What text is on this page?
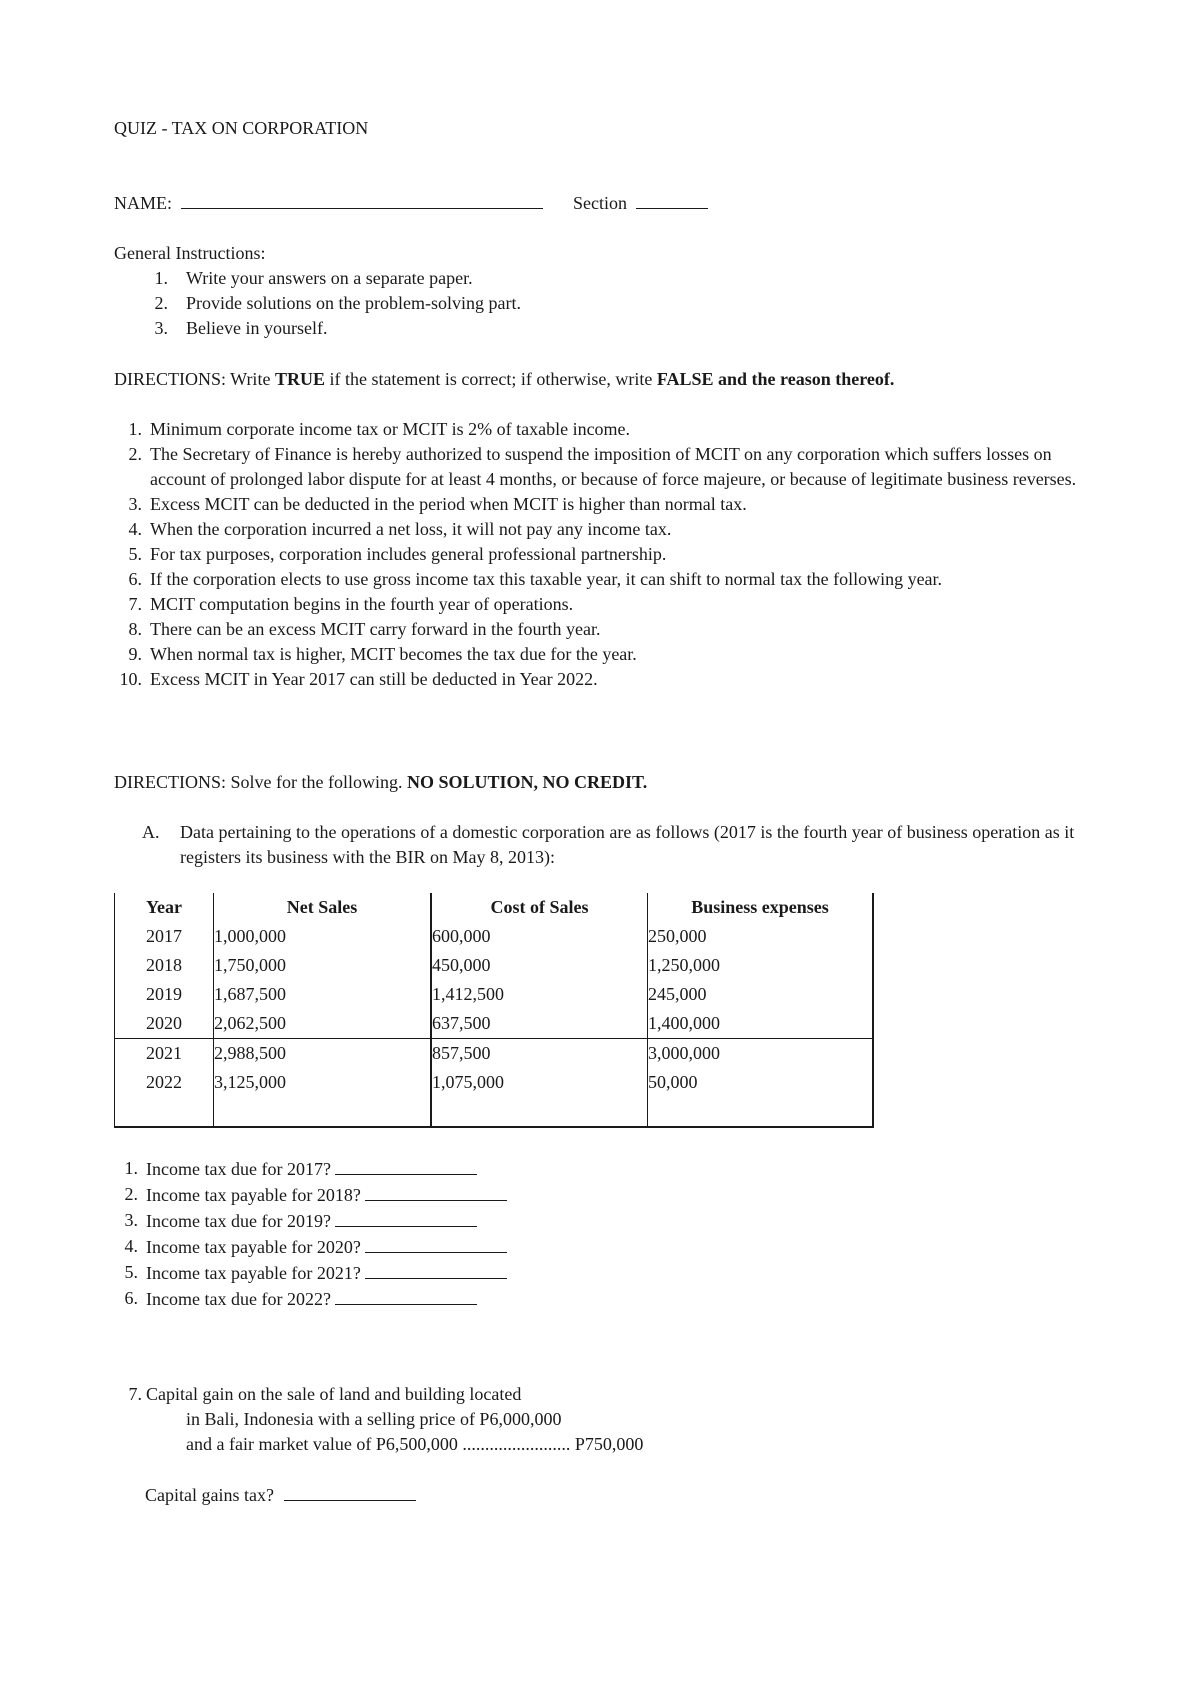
QUIZ - TAX ON CORPORATION
NAME:	Section
General Instructions:
1. Write your answers on a separate paper.
2. Provide solutions on the problem-solving part.
3. Believe in yourself.
DIRECTIONS: Write TRUE if the statement is correct; if otherwise, write FALSE and the reason thereof.
1. Minimum corporate income tax or MCIT is 2% of taxable income.
2. The Secretary of Finance is hereby authorized to suspend the imposition of MCIT on any corporation which suffers losses on account of prolonged labor dispute for at least 4 months, or because of force majeure, or because of legitimate business reverses.
3. Excess MCIT can be deducted in the period when MCIT is higher than normal tax.
4. When the corporation incurred a net loss, it will not pay any income tax.
5. For tax purposes, corporation includes general professional partnership.
6. If the corporation elects to use gross income tax this taxable year, it can shift to normal tax the following year.
7. MCIT computation begins in the fourth year of operations.
8. There can be an excess MCIT carry forward in the fourth year.
9. When normal tax is higher, MCIT becomes the tax due for the year.
10. Excess MCIT in Year 2017 can still be deducted in Year 2022.
DIRECTIONS: Solve for the following. NO SOLUTION, NO CREDIT.
A.	Data pertaining to the operations of a domestic corporation are as follows (2017 is the fourth year of business operation as it registers its business with the BIR on May 8, 2013):
Year	Net Sales	Cost of Sales	Business expenses
2017	1,000,000	600,000	250,000
2018	1,750,000	450,000	1,250,000
2019	1,687,500	1,412,500	245,000
2020	2,062,500	637,500	1,400,000
2021	2,988,500	857,500	3,000,000
2022	3,125,000	1,075,000	50,000

1. Income tax due for 2017?
2. Income tax payable for 2018?
3. Income tax due for 2019?
4. Income tax payable for 2020?
5. Income tax payable for 2021?
6. Income tax due for 2022?
7. Capital gain on the sale of land and building located
in Bali, Indonesia with a selling price of P6,000,000
and a fair market value of P6,500,000 ........................ P750,000
Capital gains tax?
